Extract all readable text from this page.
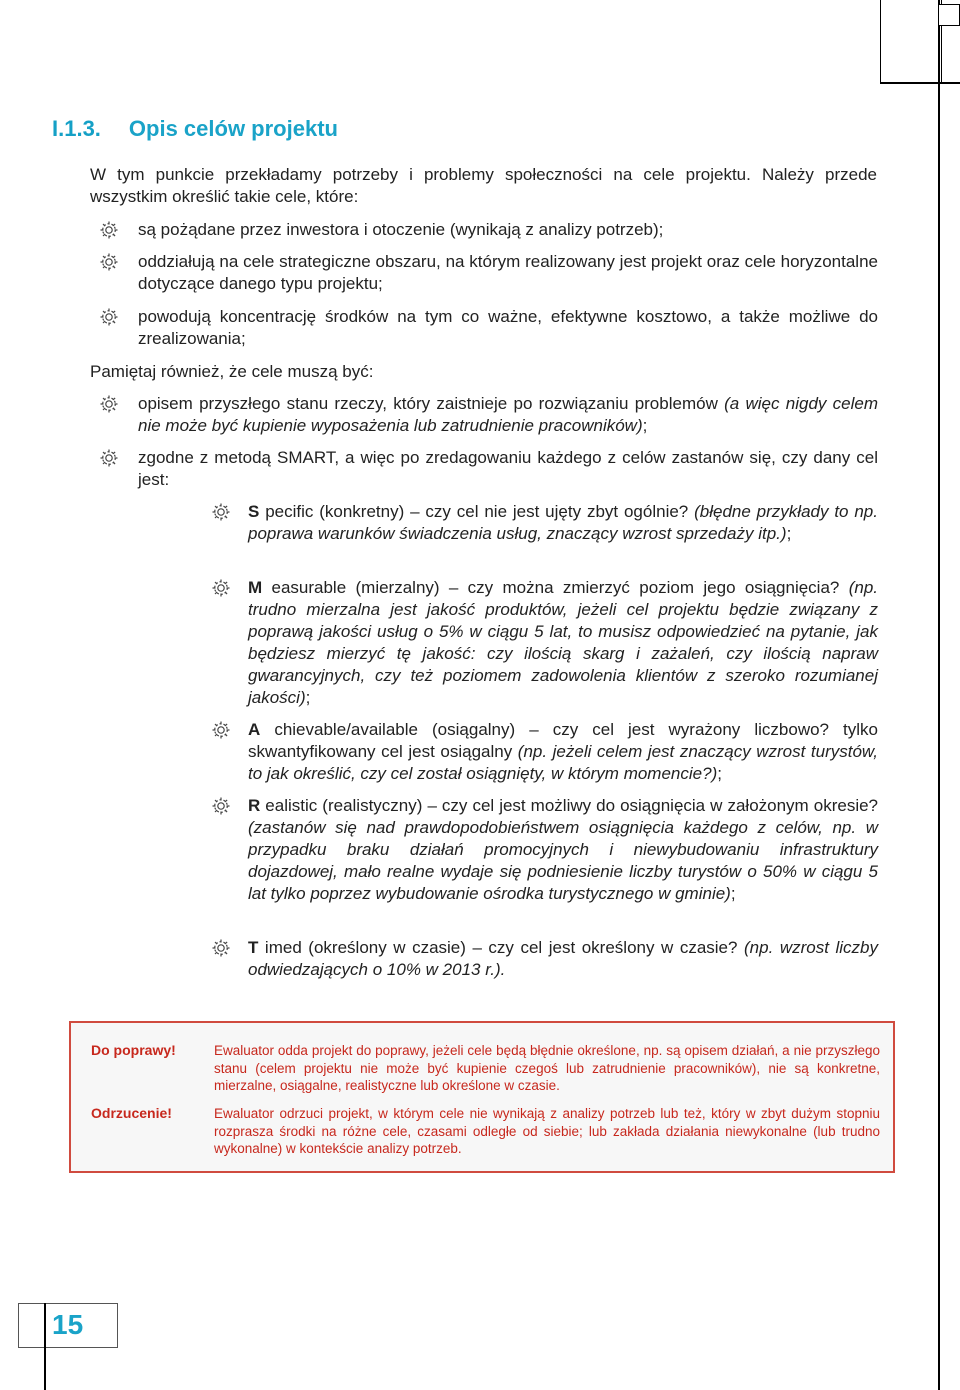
I.1.3. Opis celów projektu
W tym punkcie przekładamy potrzeby i problemy społeczności na cele projektu. Należy przede wszystkim określić takie cele, które:
są pożądane przez inwestora i otoczenie (wynikają z analizy potrzeb);
oddziałują na cele strategiczne obszaru, na którym realizowany jest projekt oraz cele horyzontalne dotyczące danego typu projektu;
powodują koncentrację środków na tym co ważne, efektywne kosztowo, a także możliwe do zrealizowania;
Pamiętaj również, że cele muszą być:
opisem przyszłego stanu rzeczy, który zaistnieje po rozwiązaniu problemów (a więc nigdy celem nie może być kupienie wyposażenia lub zatrudnienie pracowników);
zgodne z metodą SMART, a więc po zredagowaniu każdego z celów zastanów się, czy dany cel jest:
S pecific (konkretny) – czy cel nie jest ujęty zbyt ogólnie? (błędne przykłady to np. poprawa warunków świadczenia usług, znaczący wzrost sprzedaży itp.);
M easurable (mierzalny) – czy można zmierzyć poziom jego osiągnięcia? (np. trudno mierzalna jest jakość produktów, jeżeli cel projektu będzie związany z poprawą jakości usług o 5% w ciągu 5 lat, to musisz odpowiedzieć na pytanie, jak będziesz mierzyć tę jakość: czy ilością skarg i zażaleń, czy ilością napraw gwarancyjnych, czy też poziomem zadowolenia klientów z szeroko rozumianej jakości);
A chievable/available (osiągalny) – czy cel jest wyrażony liczbowo? tylko skwantyfikowany cel jest osiągalny (np. jeżeli celem jest znaczący wzrost turystów, to jak określić, czy cel został osiągnięty, w którym momencie?);
R ealistic (realistyczny) – czy cel jest możliwy do osiągnięcia w założonym okresie? (zastanów się nad prawdopodobieństwem osiągnięcia każdego z celów, np. w przypadku braku działań promocyjnych i niewybudowaniu infrastruktury dojazdowej, mało realne wydaje się podniesienie liczby turystów o 50% w ciągu 5 lat tylko poprzez wybudowanie ośrodka turystycznego w gminie);
T imed (określony w czasie) – czy cel jest określony w czasie? (np. wzrost liczby odwiedzających o 10% w 2013 r.).
Do poprawy!	Ewaluator odda projekt do poprawy, jeżeli cele będą błędnie określone, np. są opisem działań, a nie przyszłego stanu (celem projektu nie może być kupienie czegoś lub zatrudnienie pracowników), nie są konkretne, mierzalne, osiągalne, realistyczne lub określone w czasie.
Odrzucenie!	Ewaluator odrzuci projekt, w którym cele nie wynikają z analizy potrzeb lub też, który w zbyt dużym stopniu rozprasza środki na różne cele, czasami odległe od siebie; lub zakłada działania niewykonalne (lub trudno wykonalne) w kontekście analizy potrzeb.
15
